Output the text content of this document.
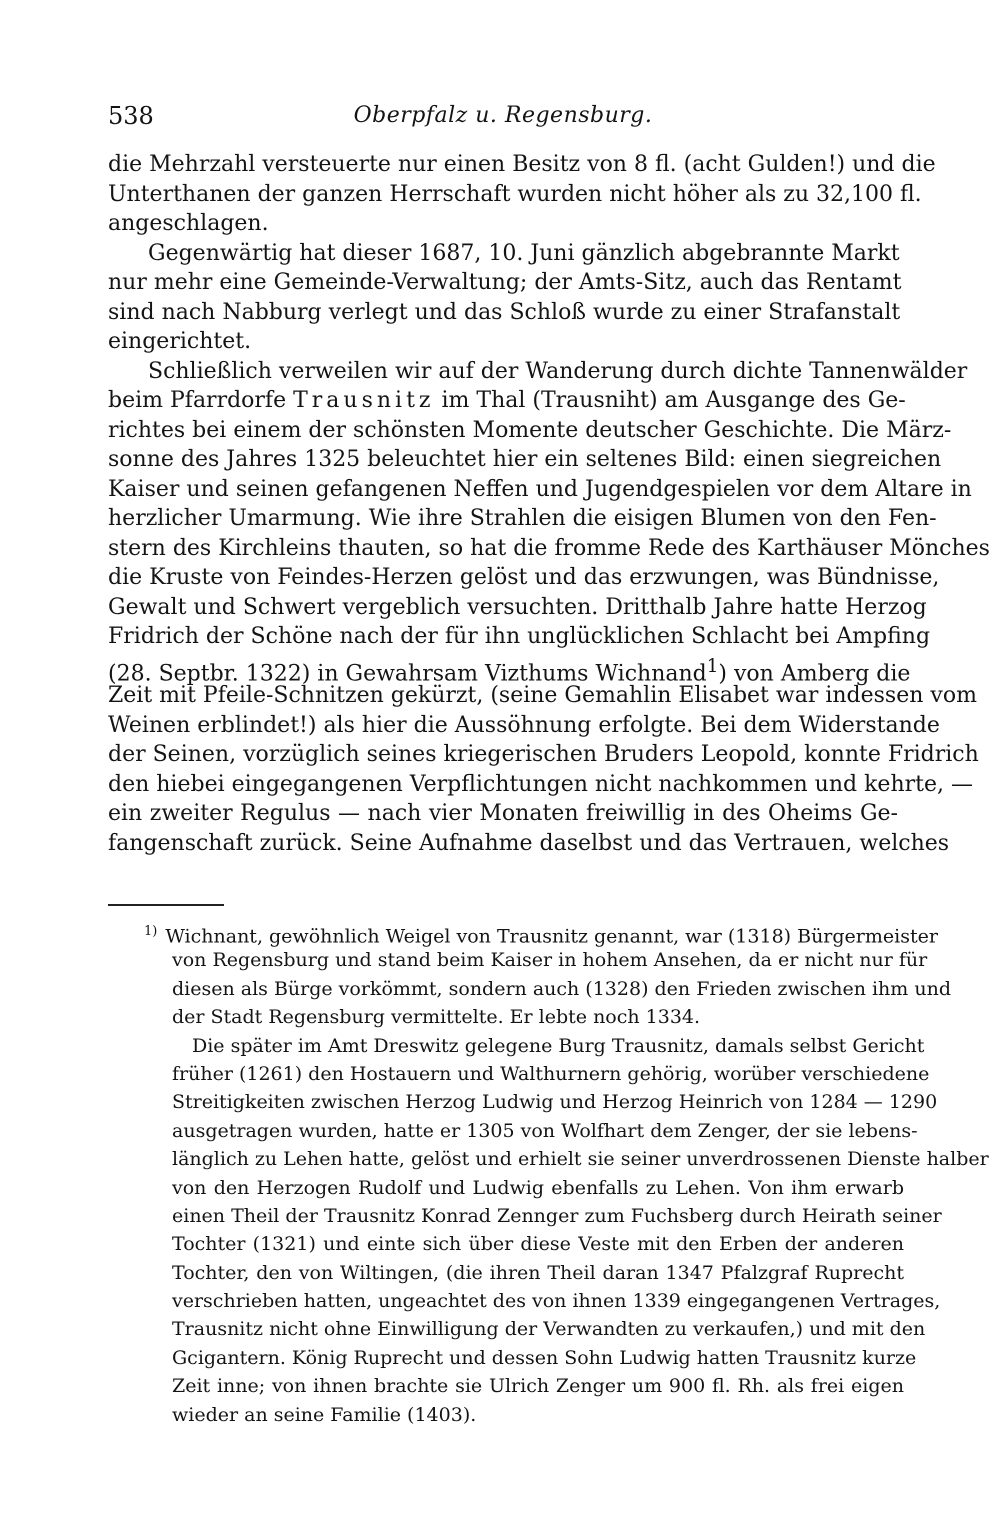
538	Oberpfalz u. Regensburg.
die Mehrzahl versteuerte nur einen Besitz von 8 fl. (acht Gulden!) und die
Unterthanen der ganzen Herrschaft wurden nicht höher als zu 32,100 fl.
angeschlagen.
Gegenwärtig hat dieser 1687, 10. Juni gänzlich abgebrannte Markt
nur mehr eine Gemeinde-Verwaltung; der Amts-Sitz, auch das Rentamt
sind nach Nabburg verlegt und das Schloß wurde zu einer Strafanstalt
eingerichtet.
Schließlich verweilen wir auf der Wanderung durch dichte Tannenwälder
beim Pfarrdorfe Trausnitz im Thal (Trausniht) am Ausgange des Ge-
richtes bei einem der schönsten Momente deutscher Geschichte. Die März-
sonne des Jahres 1325 beleuchtet hier ein seltenes Bild: einen siegreichen
Kaiser und seinen gefangenen Neffen und Jugendgespielen vor dem Altare in
herzlicher Umarmung. Wie ihre Strahlen die eisigen Blumen von den Fen-
stern des Kirchleins thauten, so hat die fromme Rede des Karthäuser Mönches
die Kruste von Feindes-Herzen gelöst und das erzwungen, was Bündnisse,
Gewalt und Schwert vergeblich versuchten. Dritthalb Jahre hatte Herzog
Fridrich der Schöne nach der für ihn unglücklichen Schlacht bei Ampfing
(28. Septbr. 1322) in Gewahrsam Vizthums Wichnand$^1$) von Amberg die
Zeit mit Pfeile-Schnitzen gekürzt, (seine Gemahlin Elisabet war indessen vom
Weinen erblindet!) als hier die Aussöhnung erfolgte. Bei dem Widerstande
der Seinen, vorzüglich seines kriegerischen Bruders Leopold, konnte Fridrich
den hiebei eingegangenen Verpflichtungen nicht nachkommen und kehrte, —
ein zweiter Regulus — nach vier Monaten freiwillig in des Oheims Ge-
fangenschaft zurück. Seine Aufnahme daselbst und das Vertrauen, welches
$^{1)}$ Wichnant, gewöhnlich Weigel von Trausnitz genannt, war (1318) Bürgermeister
von Regensburg und stand beim Kaiser in hohem Ansehen, da er nicht nur für
diesen als Bürge vorkömmt, sondern auch (1328) den Frieden zwischen ihm und
der Stadt Regensburg vermittelte. Er lebte noch 1334.
Die später im Amt Dreswitz gelegene Burg Trausnitz, damals selbst Gericht
früher (1261) den Hostauern und Walthurnern gehörig, worüber verschiedene
Streitigkeiten zwischen Herzog Ludwig und Herzog Heinrich von 1284 — 1290
ausgetragen wurden, hatte er 1305 von Wolfhart dem Zenger, der sie lebens-
länglich zu Lehen hatte, gelöst und erhielt sie seiner unverdrossenen Dienste halber
von den Herzogen Rudolf und Ludwig ebenfalls zu Lehen. Von ihm erwarb
einen Theil der Trausnitz Konrad Zennger zum Fuchsberg durch Heirath seiner
Tochter (1321) und einte sich über diese Veste mit den Erben der anderen
Tochter, den von Wiltingen, (die ihren Theil daran 1347 Pfalzgraf Ruprecht
verschrieben hatten, ungeachtet des von ihnen 1339 eingegangenen Vertrages,
Trausnitz nicht ohne Einwilligung der Verwandten zu verkaufen,) und mit den
Gcigantern. König Ruprecht und dessen Sohn Ludwig hatten Trausnitz kurze
Zeit inne; von ihnen brachte sie Ulrich Zenger um 900 fl. Rh. als frei eigen
wieder an seine Familie (1403).
